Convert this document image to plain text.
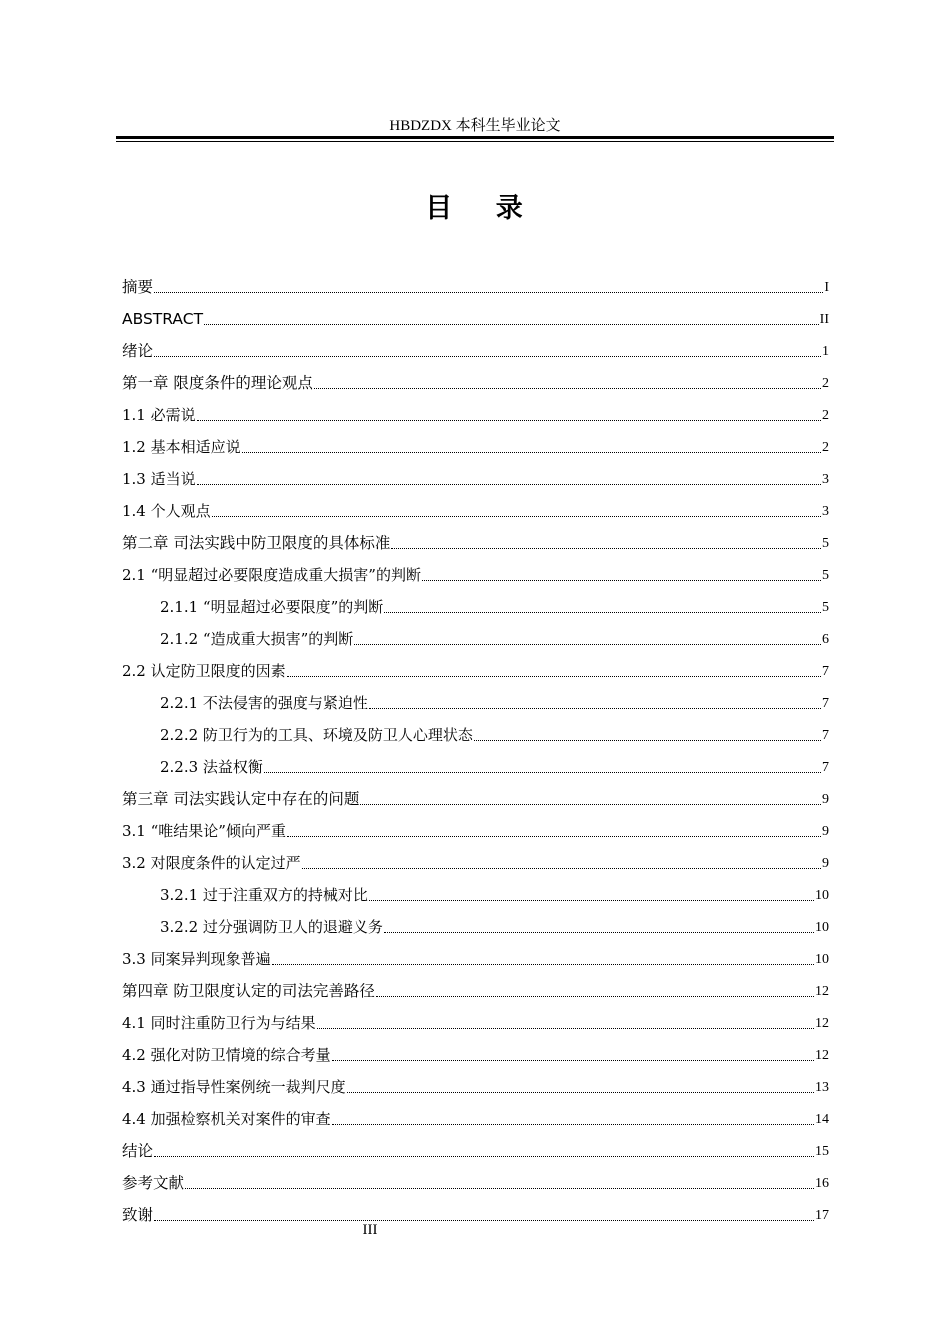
HBDZDX 本科生毕业论文
目 录
摘要	I
ABSTRACT	II
绪论	1
第一章 限度条件的理论观点	2
1.1 必需说	2
1.2 基本相适应说	2
1.3 适当说	3
1.4 个人观点	3
第二章 司法实践中防卫限度的具体标准	5
2.1 “明显超过必要限度造成重大损害”的判断	5
2.1.1 “明显超过必要限度”的判断	5
2.1.2 “造成重大损害”的判断	6
2.2 认定防卫限度的因素	7
2.2.1 不法侵害的强度与紧迫性	7
2.2.2 防卫行为的工具、环境及防卫人心理状态	7
2.2.3 法益权衡	7
第三章 司法实践认定中存在的问题	9
3.1 “唯结果论”倾向严重	9
3.2 对限度条件的认定过严	9
3.2.1 过于注重双方的持械对比	10
3.2.2 过分强调防卫人的退避义务	10
3.3 同案异判现象普遍	10
第四章 防卫限度认定的司法完善路径	12
4.1 同时注重防卫行为与结果	12
4.2 强化对防卫情境的综合考量	12
4.3 通过指导性案例统一裁判尺度	13
4.4 加强检察机关对案件的审查	14
结论	15
参考文献	16
致谢	17
III
